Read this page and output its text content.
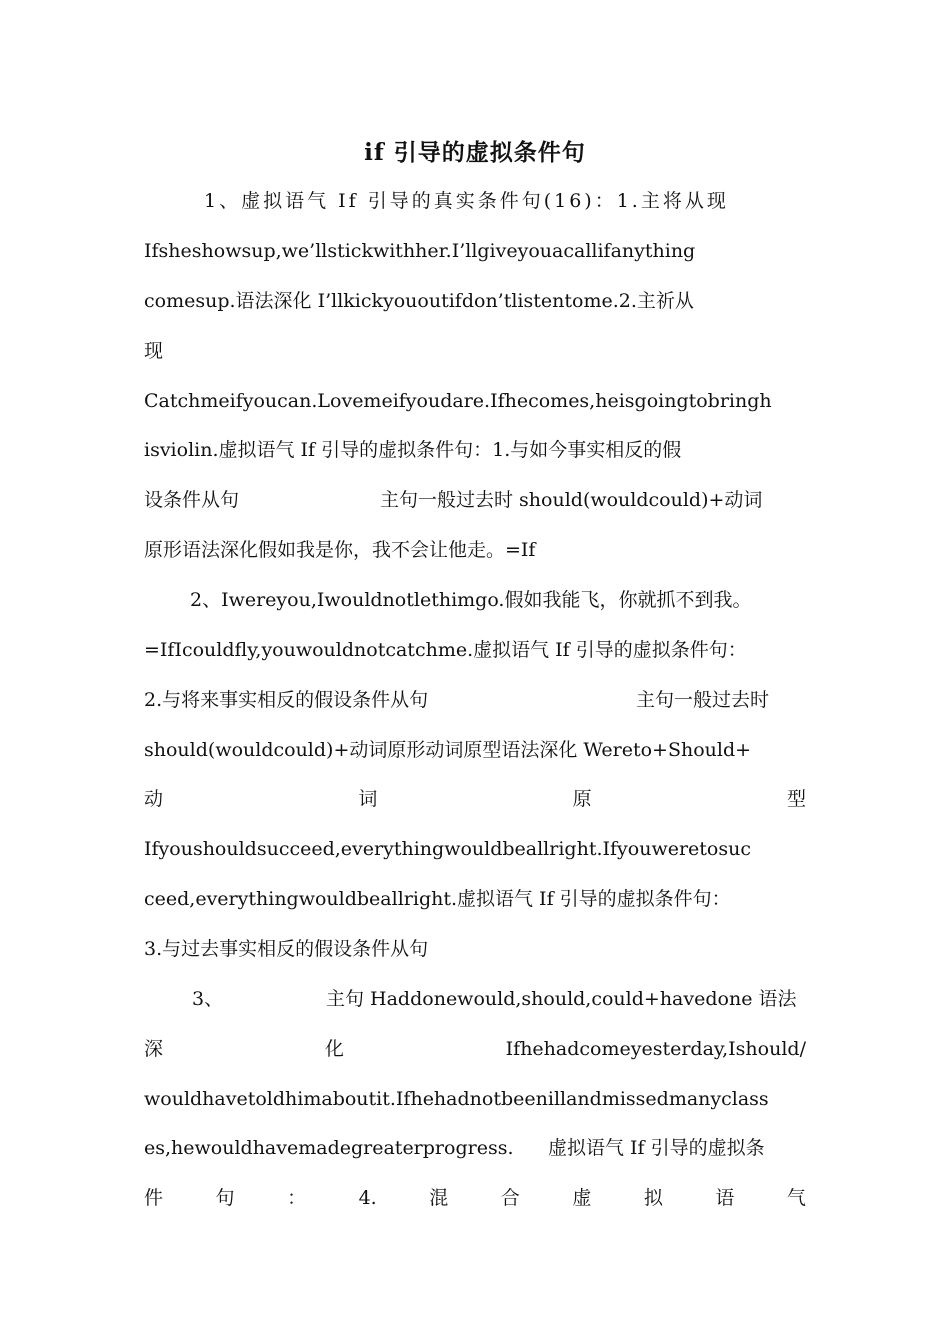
if 引导的虚拟条件句
1、虚拟语气 If 引导的真实条件句(16)：1.主将从现
Ifsheshowsup,we’llstickwithher.I’llgiveyouacallifanything
comesup.语法深化 I’llkickyououtifdon’tlistentome.2.主祈从
现
Catchmeifyoucan.Lovemeifyoudare.Ifhecomes,heisgoingtobringh
isviolin.虚拟语气 If 引导的虚拟条件句：1.与如今事实相反的假
设条件从句	主句一般过去时 should(wouldcould)+动词
原形语法深化假如我是你，我不会让他走。=If
2、Iwereyou,Iwouldnotlethimgo.假如我能飞，你就抓不到我。
=IfIcouldfly,youwouldnotcatchme.虚拟语气 If 引导的虚拟条件句：
2.与将来事实相反的假设条件从句	主句一般过去时
should(wouldcould)+动词原形动词原型语法深化 Wereto+Should+
动	词	原	型
Ifyoushouldsucceed,everythingwouldbeallright.Ifyouweretosuc
ceed,everythingwouldbeallright.虚拟语气 If 引导的虚拟条件句：
3.与过去事实相反的假设条件从句
3、	主句 Haddonewould,should,could+havedone 语法
深	化	Ifhehadcomeyesterday,Ishould/
wouldhavetoldhimaboutit.Ifhehadnotbeenillandmissedmanyclass
es,hewouldhavemadegreaterprogress.	虚拟语气 If 引导的虚拟条
件	句	：	4.	混	合	虚	拟	语	气
